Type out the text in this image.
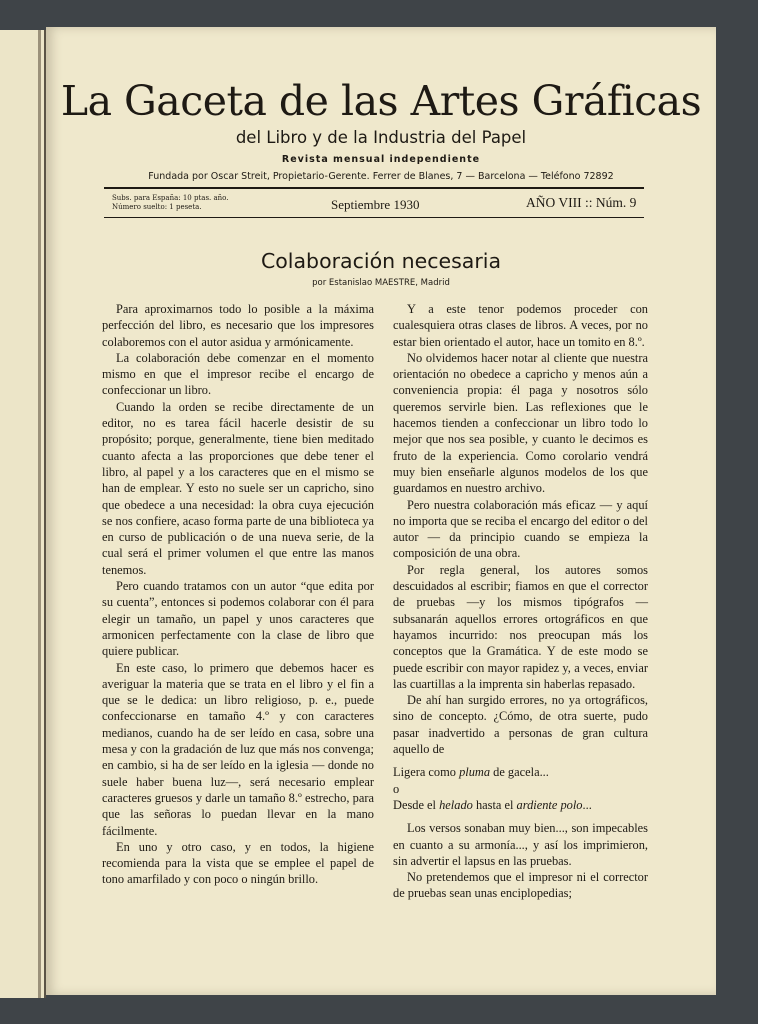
La Gaceta de las Artes Gráficas
del Libro y de la Industria del Papel
Revista mensual independiente
Fundada por Oscar Streit, Propietario-Gerente. Ferrer de Blanes, 7 — Barcelona — Teléfono 72892
Subs. para España: 10 ptas. año.
Número suelto: 1 peseta.	Septiembre 1930	AÑO VIII :: Núm. 9
Colaboración necesaria
por Estanislao MAESTRE, Madrid

Para aproximarnos todo lo posible a la máxima perfección del libro, es necesario que los impresores colaboremos con el autor asidua y armónicamente.

La colaboración debe comenzar en el momento mismo en que el impresor recibe el encargo de confeccionar un libro.

Cuando la orden se recibe directamente de un editor, no es tarea fácil hacerle desistir de su propósito; porque, generalmente, tiene bien meditado cuanto afecta a las proporciones que debe tener el libro, al papel y a los caracteres que en el mismo se han de emplear. Y esto no suele ser un capricho, sino que obedece a una necesidad: la obra cuya ejecución se nos confiere, acaso forma parte de una biblioteca ya en curso de publicación o de una nueva serie, de la cual será el primer volumen el que entre las manos tenemos.

Pero cuando tratamos con un autor “que edita por su cuenta”, entonces si podemos colaborar con él para elegir un tamaño, un papel y unos caracteres que armonicen perfectamente con la clase de libro que quiere publicar.

En este caso, lo primero que debemos hacer es averiguar la materia que se trata en el libro y el fin a que se le dedica: un libro religioso, p. e., puede confeccionarse en tamaño 4.º y con caracteres medianos, cuando ha de ser leído en casa, sobre una mesa y con la gradación de luz que más nos convenga; en cambio, si ha de ser leído en la iglesia — donde no suele haber buena luz—, será necesario emplear caracteres gruesos y darle un tamaño 8.º estrecho, para que las señoras lo puedan llevar en la mano fácilmente.

En uno y otro caso, y en todos, la higiene recomienda para la vista que se emplee el papel de tono amarfilado y con poco o ningún brillo.

Y a este tenor podemos proceder con cualesquiera otras clases de libros. A veces, por no estar bien orientado el autor, hace un tomito en 8.º.

No olvidemos hacer notar al cliente que nuestra orientación no obedece a capricho y menos aún a conveniencia propia: él paga y nosotros sólo queremos servirle bien. Las reflexiones que le hacemos tienden a confeccionar un libro todo lo mejor que nos sea posible, y cuanto le decimos es fruto de la experiencia. Como corolario vendrá muy bien enseñarle algunos modelos de los que guardamos en nuestro archivo.

Pero nuestra colaboración más eficaz — y aquí no importa que se reciba el encargo del editor o del autor — da principio cuando se empieza la composición de una obra.

Por regla general, los autores somos descuidados al escribir; fiamos en que el corrector de pruebas —y los mismos tipógrafos — subsanarán aquellos errores ortográficos en que hayamos incurrido: nos preocupan más los conceptos que la Gramática. Y de este modo se puede escribir con mayor rapidez y, a veces, enviar las cuartillas a la imprenta sin haberlas repasado.

De ahí han surgido errores, no ya ortográficos, sino de concepto. ¿Cómo, de otra suerte, pudo pasar inadvertido a personas de gran cultura aquello de

Ligera como pluma de gacela...

o

Desde el helado hasta el ardiente polo...

Los versos sonaban muy bien..., son impecables en cuanto a su armonía..., y así los imprimieron, sin advertir el lapsus en las pruebas.

No pretendemos que el impresor ni el corrector de pruebas sean unas enciplopedias;
